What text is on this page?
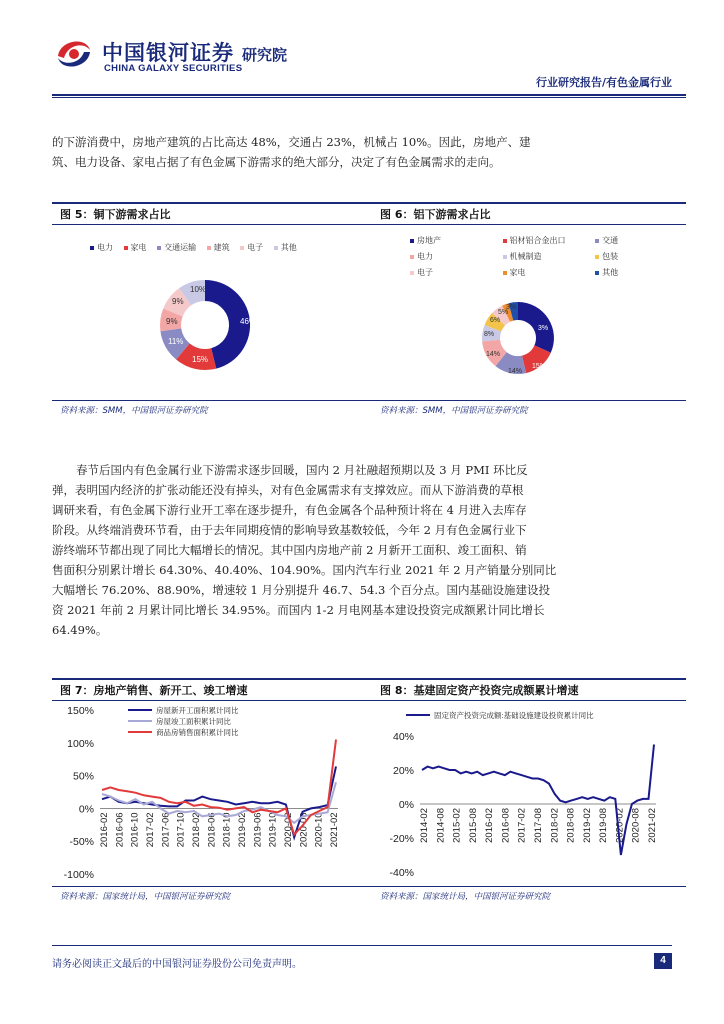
中国银河证券
CHINA GALAXY SECURITIES
研究院
行业研究报告/有色金属行业
的下游消费中，房地产建筑的占比高达 48%，交通占 23%，机械占 10%。因此，房地产、建
筑、电力设备、家电占据了有色金属下游需求的绝大部分，决定了有色金属需求的走向。
图 5：铜下游需求占比	图 6：铝下游需求占比
资料来源：SMM，中国银河证券研究院	资料来源：SMM，中国银河证券研究院
电力 家电 交通运输 建筑 电子 其他
46%
15%
11%
9%
9%
10%
房地产	铝材铝合金出口	交通 电力	机械制造	包装 电子	家电	其他
3%
15%
14%
14%
8%
6%
5%
3%
春节后国内有色金属行业下游需求逐步回暖，国内 2 月社融超预期以及 3 月 PMI 环比反
弹，表明国内经济的扩张动能还没有掉头，对有色金属需求有支撑效应。而从下游消费的草根
调研来看，有色金属下游行业开工率在逐步提升，有色金属各个品种预计将在 4 月进入去库存
阶段。从终端消费环节看，由于去年同期疫情的影响导致基数较低，今年 2 月有色金属行业下
游终端环节都出现了同比大幅增长的情况。其中国内房地产前 2 月新开工面积、竣工面积、销
售面积分别累计增长 64.30%、40.40%、104.90%。国内汽车行业 2021 年 2 月产销量分别同比
大幅增长 76.20%、88.90%，增速较 1 月分别提升 46.7、54.3 个百分点。国内基础设施建设投
资 2021 年前 2 月累计同比增长 34.95%。而国内 1-2 月电网基本建设投资完成额累计同比增长
64.49%。
图 7：房地产销售、新开工、竣工增速	图 8：基建固定资产投资完成额累计增速
资料来源：国家统计局，中国银河证券研究院	资料来源：国家统计局，中国银河证券研究院
150%
100%
50%
0%
-50%
-100%
2016-02 2016-06 2016-10 2017-02 2017-06 2017-10 2018-02 2018-06 2018-10 2019-02 2019-06 2019-10 2020-02 2020-06 2020-10 2021-02
房屋新开工面积累计同比
房屋竣工面积累计同比
商品房销售面积累计同比	40%
20%
0%
-20%
-40%
2014-02 2014-08 2015-02 2015-08 2016-02 2016-08 2017-02 2017-08 2018-02 2018-08 2019-02 2019-08 2020-02 2020-08 2021-02
固定资产投资完成额:基础设施建设投资累计同比
请务必阅读正文最后的中国银河证券股份公司免责声明。	4
